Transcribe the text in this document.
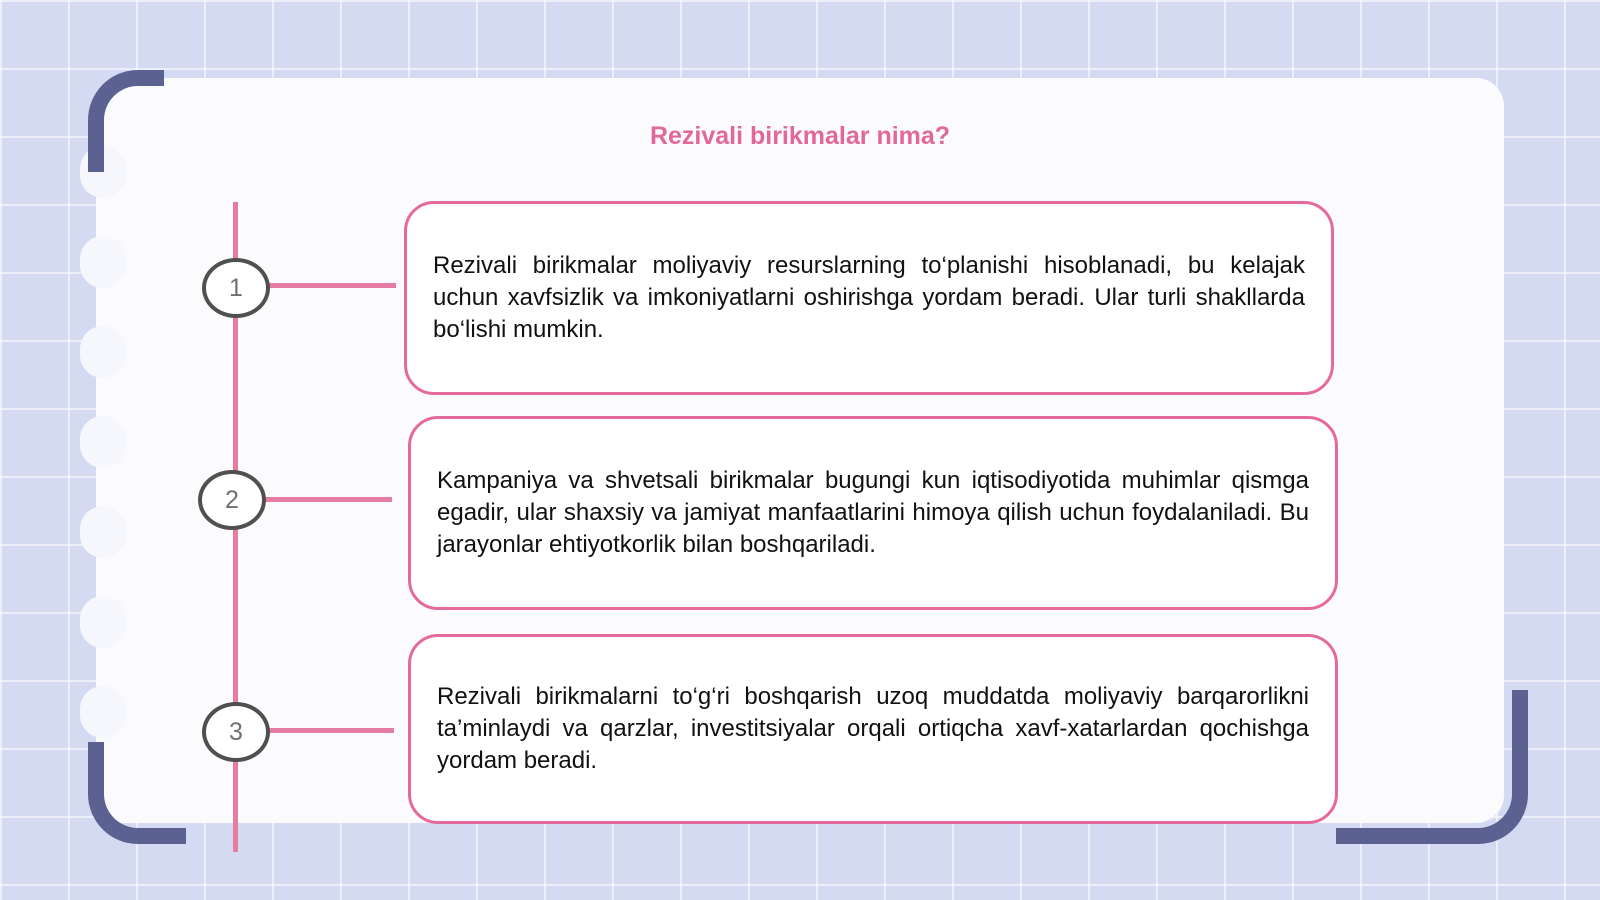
Rezivali birikmalar nima?
1
2
3

Rezivali birikmalar moliyaviy resurslarning to‘planishi hisoblanadi, bu kelajak uchun xavfsizlik va imkoniyatlarni oshirishga yordam beradi. Ular turli shakllarda bo‘lishi mumkin.

Kampaniya va shvetsali birikmalar bugungi kun iqtisodiyotida muhimlar qismga egadir, ular shaxsiy va jamiyat manfaatlarini himoya qilish uchun foydalaniladi. Bu jarayonlar ehtiyotkorlik bilan boshqariladi.

Rezivali birikmalarni to‘g‘ri boshqarish uzoq muddatda moliyaviy barqarorlikni ta’minlaydi va qarzlar, investitsiyalar orqali ortiqcha xavf-xatarlardan qochishga yordam beradi.
